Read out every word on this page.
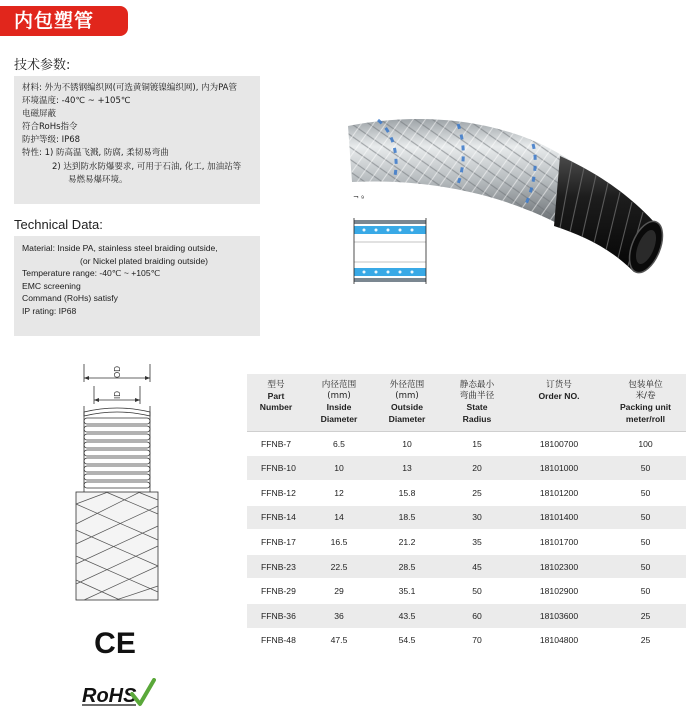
内包塑管
技术参数:
材料: 外为不锈钢编织网(可选黄铜镀镍编织网), 内为PA管
环境温度: -40℃ ~ +105℃
电磁屏蔽
符合RoHs指令
防护等级: IP68
特性: 1) 防高温飞溅, 防腐, 柔韧易弯曲
2) 达到防水防爆要求, 可用于石油, 化工, 加油站等
易燃易爆环境。
Technical Data:
Material: Inside PA, stainless steel braiding outside,
(or Nickel plated braiding outside)
Temperature range: -40℃ ~ +105℃
EMC screening
Command (RoHs) satisfy
IP rating: IP68
¬ ₉
OD
ID
CE
RoHS
型号
Part
Number	内径范围
(mm)
Inside
Diameter	外径范围
(mm)
Outside
Diameter	静态最小
弯曲半径
State
Radius	订货号
Order NO.	包装单位
米/卷
Packing unit
meter/roll

FFNB-7	6.5	10	15	18100700	100
FFNB-10	10	13	20	18101000	50
FFNB-12	12	15.8	25	18101200	50
FFNB-14	14	18.5	30	18101400	50
FFNB-17	16.5	21.2	35	18101700	50
FFNB-23	22.5	28.5	45	18102300	50
FFNB-29	29	35.1	50	18102900	50
FFNB-36	36	43.5	60	18103600	25
FFNB-48	47.5	54.5	70	18104800	25
